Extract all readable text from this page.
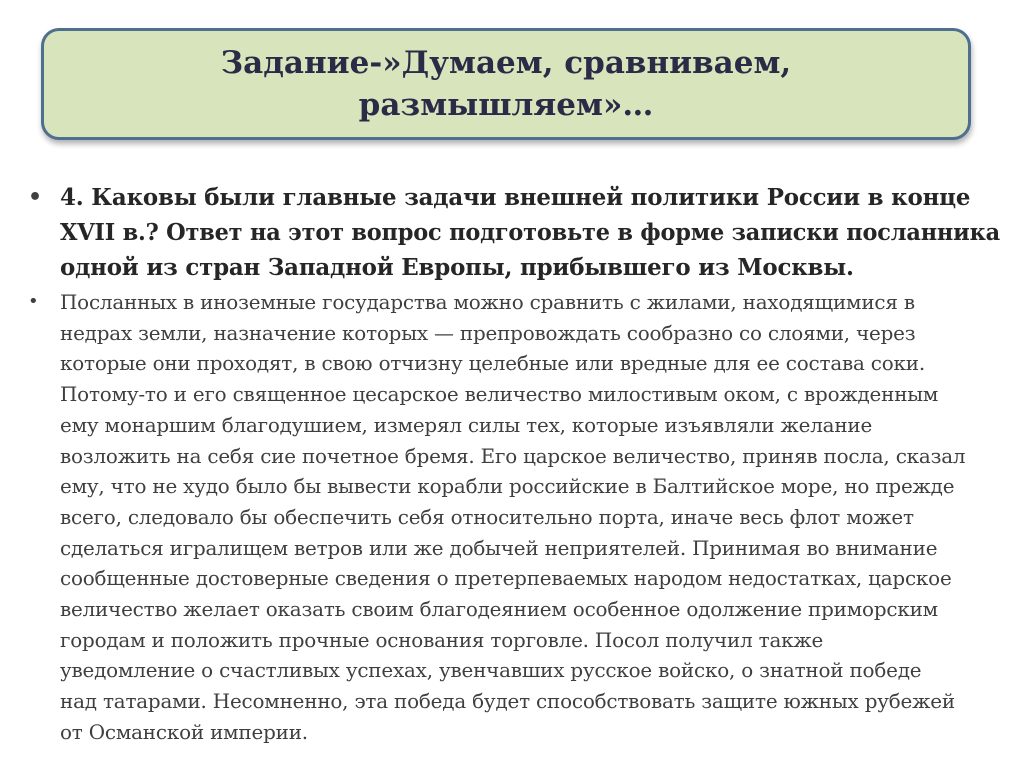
Задание-»Думаем, сравниваем,
размышляем»…
• 4. Каковы были главные задачи внешней политики России в конце
XVII в.? Ответ на этот вопрос подготовьте в форме записки посланника
одной из стран Западной Европы, прибывшего из Москвы.
• Посланных в иноземные государства можно сравнить с жилами, находящимися в
недрах земли, назначение которых — препровождать сообразно со слоями, через
которые они проходят, в свою отчизну целебные или вредные для ее состава соки.
Потому-то и его священное цесарское величество милостивым оком, с врожденным
ему монаршим благодушием, измерял силы тех, которые изъявляли желание
возложить на себя сие почетное бремя. Его царское величество, приняв посла, сказал
ему, что не худо было бы вывести корабли российские в Балтийское море, но прежде
всего, следовало бы обеспечить себя относительно порта, иначе весь флот может
сделаться игралищем ветров или же добычей неприятелей. Принимая во внимание
сообщенные достоверные сведения о претерпеваемых народом недостатках, царское
величество желает оказать своим благодеянием особенное одолжение приморским
городам и положить прочные основания торговле. Посол получил также
уведомление о счастливых успехах, увенчавших русское войско, о знатной победе
над татарами. Несомненно, эта победа будет способствовать защите южных рубежей
от Османской империи.
